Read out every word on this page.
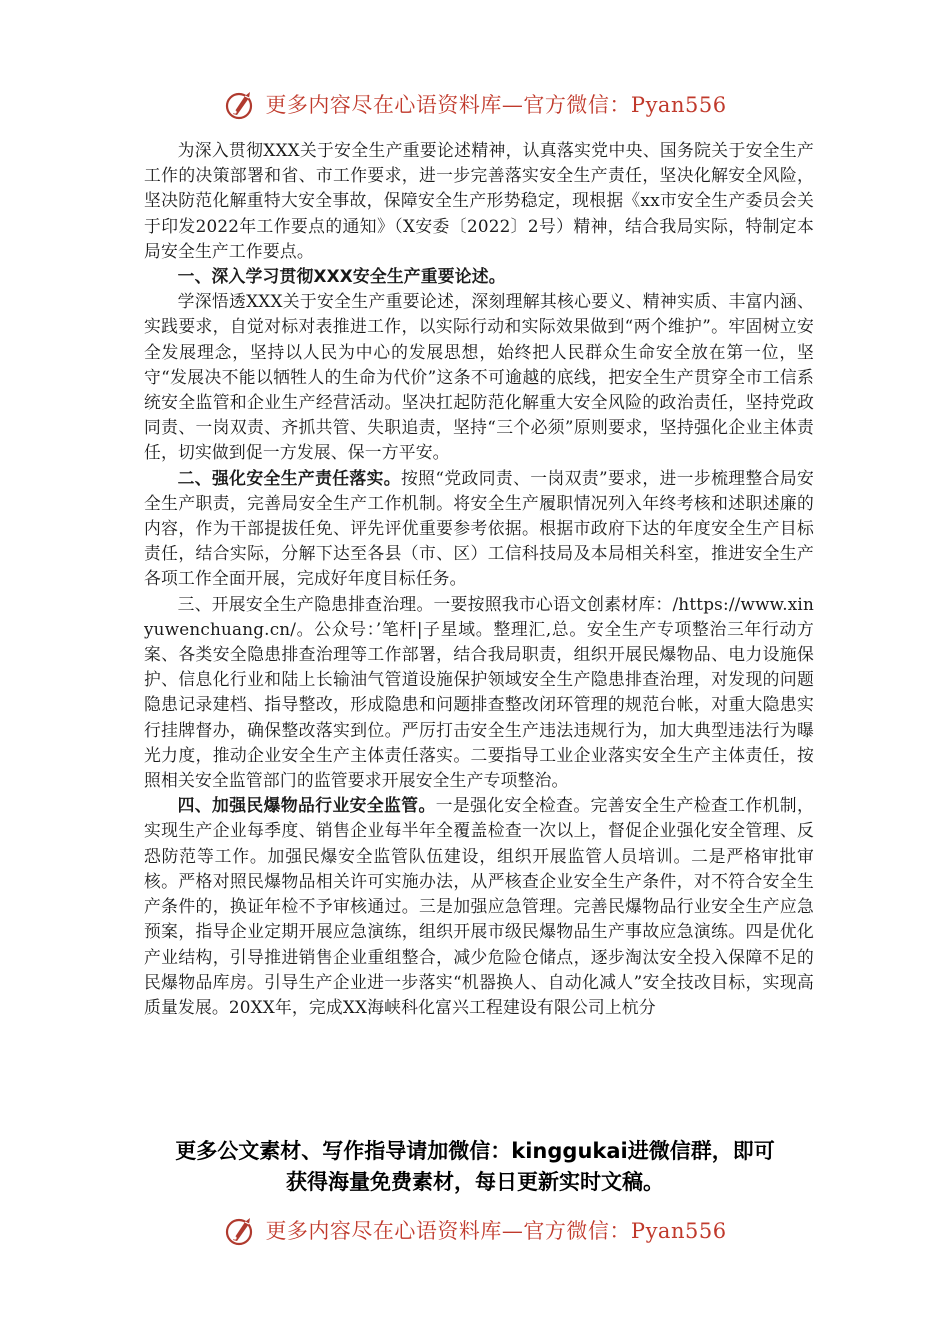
更多内容尽在心语资料库—官方微信：Pyan556

为深入贯彻XXX关于安全生产重要论述精神，认真落实党中央、国务院关于安全生产工作的决策部署和省、市工作要求，进一步完善落实安全生产责任，坚决化解安全风险，坚决防范化解重特大安全事故，保障安全生产形势稳定，现根据《xx市安全生产委员会关于印发2022年工作要点的通知》（X安委〔2022〕2号）精神，结合我局实际，特制定本局安全生产工作要点。

一、深入学习贯彻XXX安全生产重要论述。

学深悟透XXX关于安全生产重要论述，深刻理解其核心要义、精神实质、丰富内涵、实践要求，自觉对标对表推进工作，以实际行动和实际效果做到“两个维护”。牢固树立安全发展理念，坚持以人民为中心的发展思想，始终把人民群众生命安全放在第一位，坚守“发展决不能以牺牲人的生命为代价”这条不可逾越的底线，把安全生产贯穿全市工信系统安全监管和企业生产经营活动。坚决扛起防范化解重大安全风险的政治责任，坚持党政同责、一岗双责、齐抓共管、失职追责，坚持“三个必须”原则要求，坚持强化企业主体责任，切实做到促一方发展、保一方平安。

二、强化安全生产责任落实。按照“党政同责、一岗双责”要求，进一步梳理整合局安全生产职责，完善局安全生产工作机制。将安全生产履职情况列入年终考核和述职述廉的内容，作为干部提拔任免、评先评优重要参考依据。根据市政府下达的年度安全生产目标责任，结合实际，分解下达至各县（市、区）工信科技局及本局相关科室，推进安全生产各项工作全面开展，完成好年度目标任务。

三、开展安全生产隐患排查治理。一要按照我市心语文创素材库：/https://www.xinyuwenchuang.cn/。公众号：’笔杆|子星域。整理汇,总。安全生产专项整治三年行动方案、各类安全隐患排查治理等工作部署，结合我局职责，组织开展民爆物品、电力设施保护、信息化行业和陆上长输油气管道设施保护领域安全生产隐患排查治理，对发现的问题隐患记录建档、指导整改，形成隐患和问题排查整改闭环管理的规范台帐，对重大隐患实行挂牌督办，确保整改落实到位。严厉打击安全生产违法违规行为，加大典型违法行为曝光力度，推动企业安全生产主体责任落实。二要指导工业企业落实安全生产主体责任，按照相关安全监管部门的监管要求开展安全生产专项整治。

四、加强民爆物品行业安全监管。一是强化安全检查。完善安全生产检查工作机制，实现生产企业每季度、销售企业每半年全覆盖检查一次以上，督促企业强化安全管理、反恐防范等工作。加强民爆安全监管队伍建设，组织开展监管人员培训。二是严格审批审核。严格对照民爆物品相关许可实施办法，从严核查企业安全生产条件，对不符合安全生产条件的，换证年检不予审核通过。三是加强应急管理。完善民爆物品行业安全生产应急预案，指导企业定期开展应急演练，组织开展市级民爆物品生产事故应急演练。四是优化产业结构，引导推进销售企业重组整合，减少危险仓储点，逐步淘汰安全投入保障不足的民爆物品库房。引导生产企业进一步落实“机器换人、自动化减人”安全技改目标，实现高质量发展。20XX年，完成XX海峡科化富兴工程建设有限公司上杭分

更多公文素材、写作指导请加微信：kinggukai进微信群，即可
获得海量免费素材，每日更新实时文稿。
更多内容尽在心语资料库—官方微信：Pyan556
